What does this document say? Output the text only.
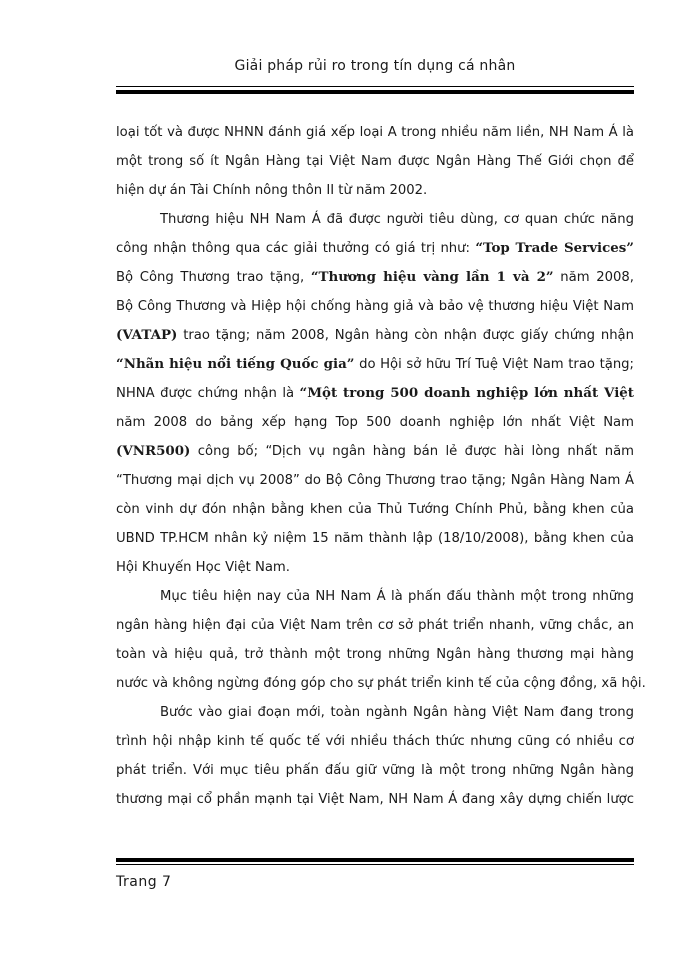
Giải pháp rủi ro trong tín dụng cá nhân
loại tốt và được NHNN đánh giá xếp loại A trong nhiều năm liền, NH Nam Á là
một trong số ít Ngân Hàng tại Việt Nam được Ngân Hàng Thế Giới chọn để
hiện dự án Tài Chính nông thôn II từ năm 2002.
Thương hiệu NH Nam Á đã được người tiêu dùng, cơ quan chức năng
công nhận thông qua các giải thưởng có giá trị như: “Top Trade Services”
Bộ Công Thương trao tặng, “Thương hiệu vàng lần 1 và 2” năm 2008,
Bộ Công Thương và Hiệp hội chống hàng giả và bảo vệ thương hiệu Việt Nam
(VATAP) trao tặng; năm 2008, Ngân hàng còn nhận được giấy chứng nhận
“Nhãn hiệu nổi tiếng Quốc gia” do Hội sở hữu Trí Tuệ Việt Nam trao tặng;
NHNA được chứng nhận là “Một trong 500 doanh nghiệp lớn nhất Việt
năm 2008 do bảng xếp hạng Top 500 doanh nghiệp lớn nhất Việt Nam
(VNR500) công bố; “Dịch vụ ngân hàng bán lẻ được hài lòng nhất năm
“Thương mại dịch vụ 2008” do Bộ Công Thương trao tặng; Ngân Hàng Nam Á
còn vinh dự đón nhận bằng khen của Thủ Tướng Chính Phủ, bằng khen của
UBND TP.HCM nhân kỷ niệm 15 năm thành lập (18/10/2008), bằng khen của
Hội Khuyến Học Việt Nam.
Mục tiêu hiện nay của NH Nam Á là phấn đấu thành một trong những
ngân hàng hiện đại của Việt Nam trên cơ sở phát triển nhanh, vững chắc, an
toàn và hiệu quả, trở thành một trong những Ngân hàng thương mại hàng
nước và không ngừng đóng góp cho sự phát triển kinh tế của cộng đồng, xã hội.
Bước vào giai đoạn mới, toàn ngành Ngân hàng Việt Nam đang trong
trình hội nhập kinh tế quốc tế với nhiều thách thức nhưng cũng có nhiều cơ
phát triển. Với mục tiêu phấn đấu giữ vững là một trong những Ngân hàng
thương mại cổ phần mạnh tại Việt Nam, NH Nam Á đang xây dựng chiến lược
Trang 7
